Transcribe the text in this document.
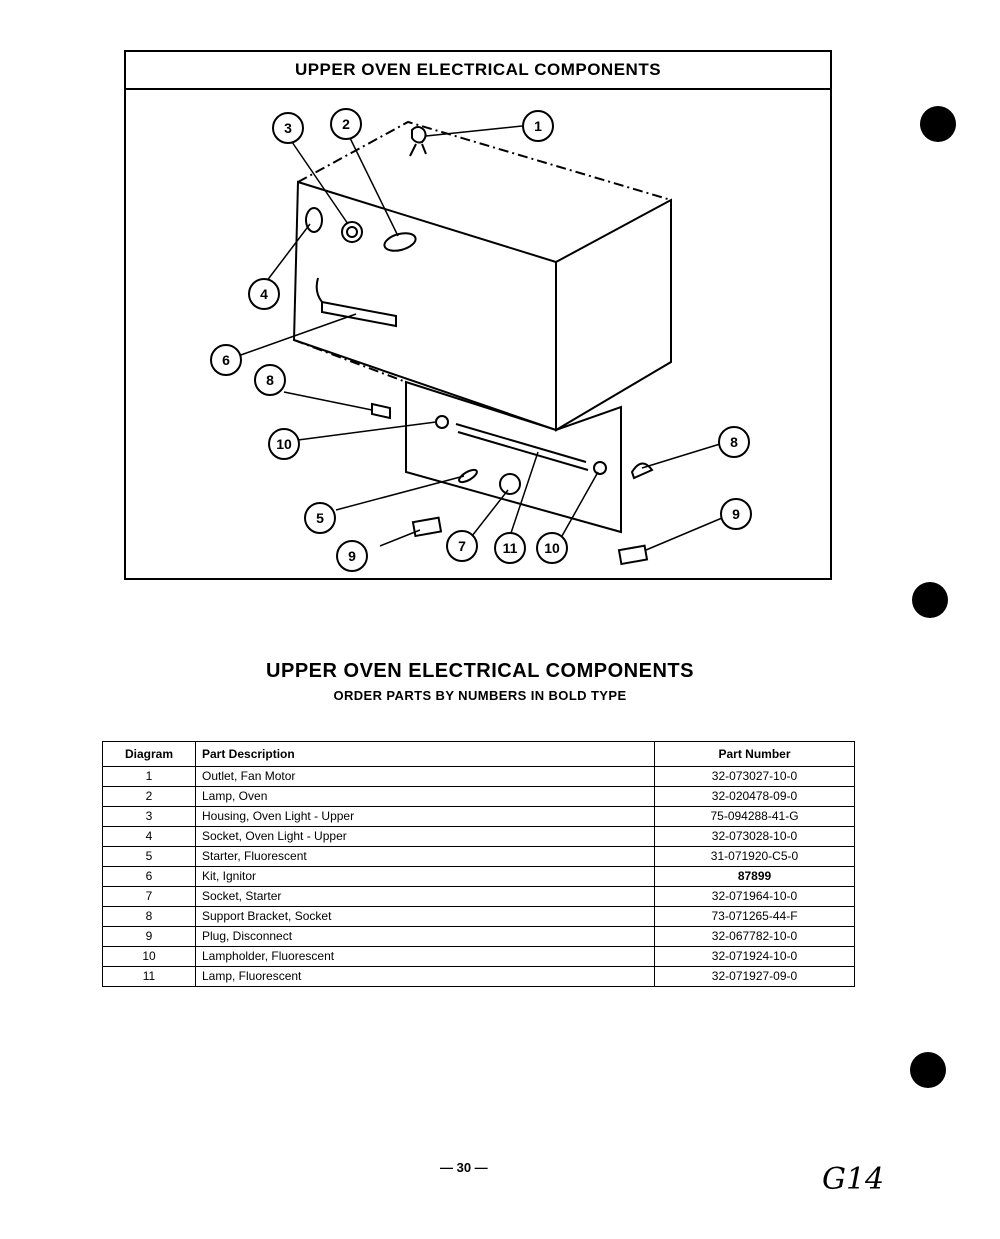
UPPER OVEN ELECTRICAL COMPONENTS
1
2
3
4
6
8
10	8
5
9
7	11 10
9
UPPER OVEN ELECTRICAL COMPONENTS
ORDER PARTS BY NUMBERS IN BOLD TYPE
Diagram	Part Description	Part Number
1	Outlet, Fan Motor	32-073027-10-0
2	Lamp, Oven	32-020478-09-0
3	Housing, Oven Light - Upper	75-094288-41-G
4	Socket, Oven Light - Upper	32-073028-10-0
5	Starter, Fluorescent	31-071920-C5-0
6	Kit, Ignitor	87899
7	Socket, Starter	32-071964-10-0
8	Support Bracket, Socket	73-071265-44-F
9	Plug, Disconnect	32-067782-10-0
10	Lampholder, Fluorescent	32-071924-10-0
11	Lamp, Fluorescent	32-071927-09-0
— 30 —	G14
